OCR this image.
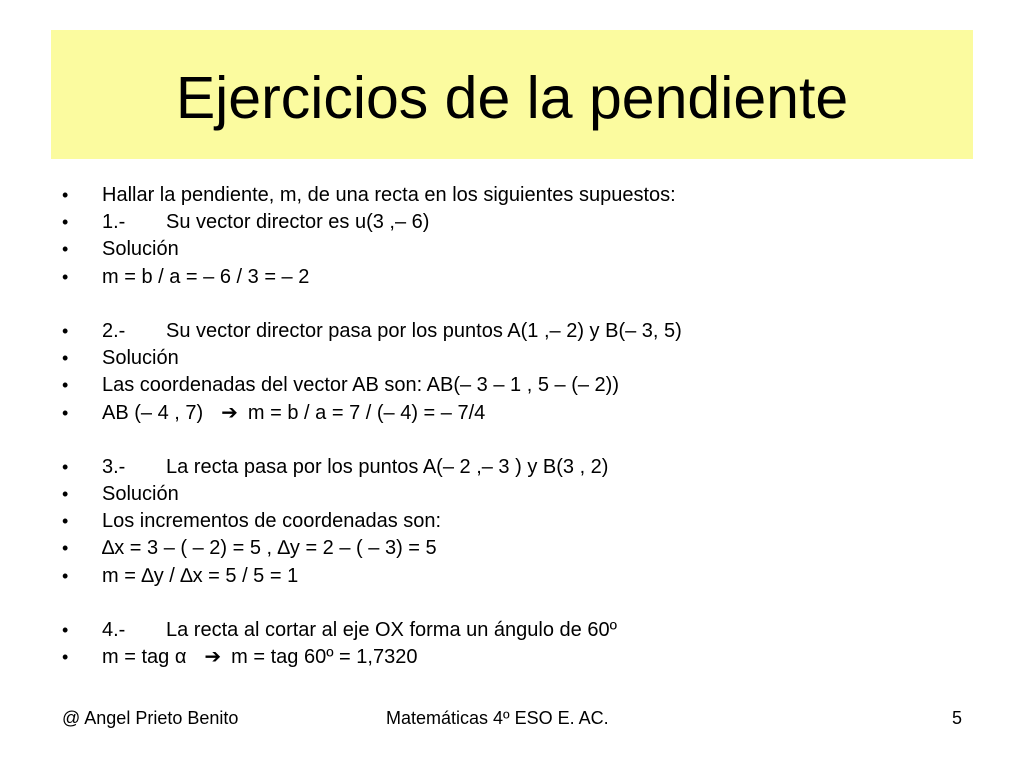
Ejercicios de la pendiente
• Hallar la pendiente, m, de una recta en los siguientes supuestos:
• 1.- Su vector director es u(3 ,– 6)
• Solución
• m = b / a = – 6 / 3 = – 2
• 2.- Su vector director pasa por los puntos A(1 ,– 2) y B(– 3, 5)
• Solución
• Las coordenadas del vector AB son: AB(– 3 – 1 , 5 – (– 2))
• AB (– 4 , 7) ➔ m = b / a = 7 / (– 4) = – 7/4
• 3.- La recta pasa por los puntos A(– 2 ,– 3 ) y B(3 , 2)
• Solución
• Los incrementos de coordenadas son:
• ∆x = 3 – ( – 2) = 5 , ∆y = 2 – ( – 3) = 5
• m = ∆y / ∆x = 5 / 5 = 1
• 4.- La recta al cortar al eje OX forma un ángulo de 60º
• m = tag α ➔ m = tag 60º = 1,7320
@ Angel Prieto Benito	Matemáticas 4º ESO E. AC.	5
